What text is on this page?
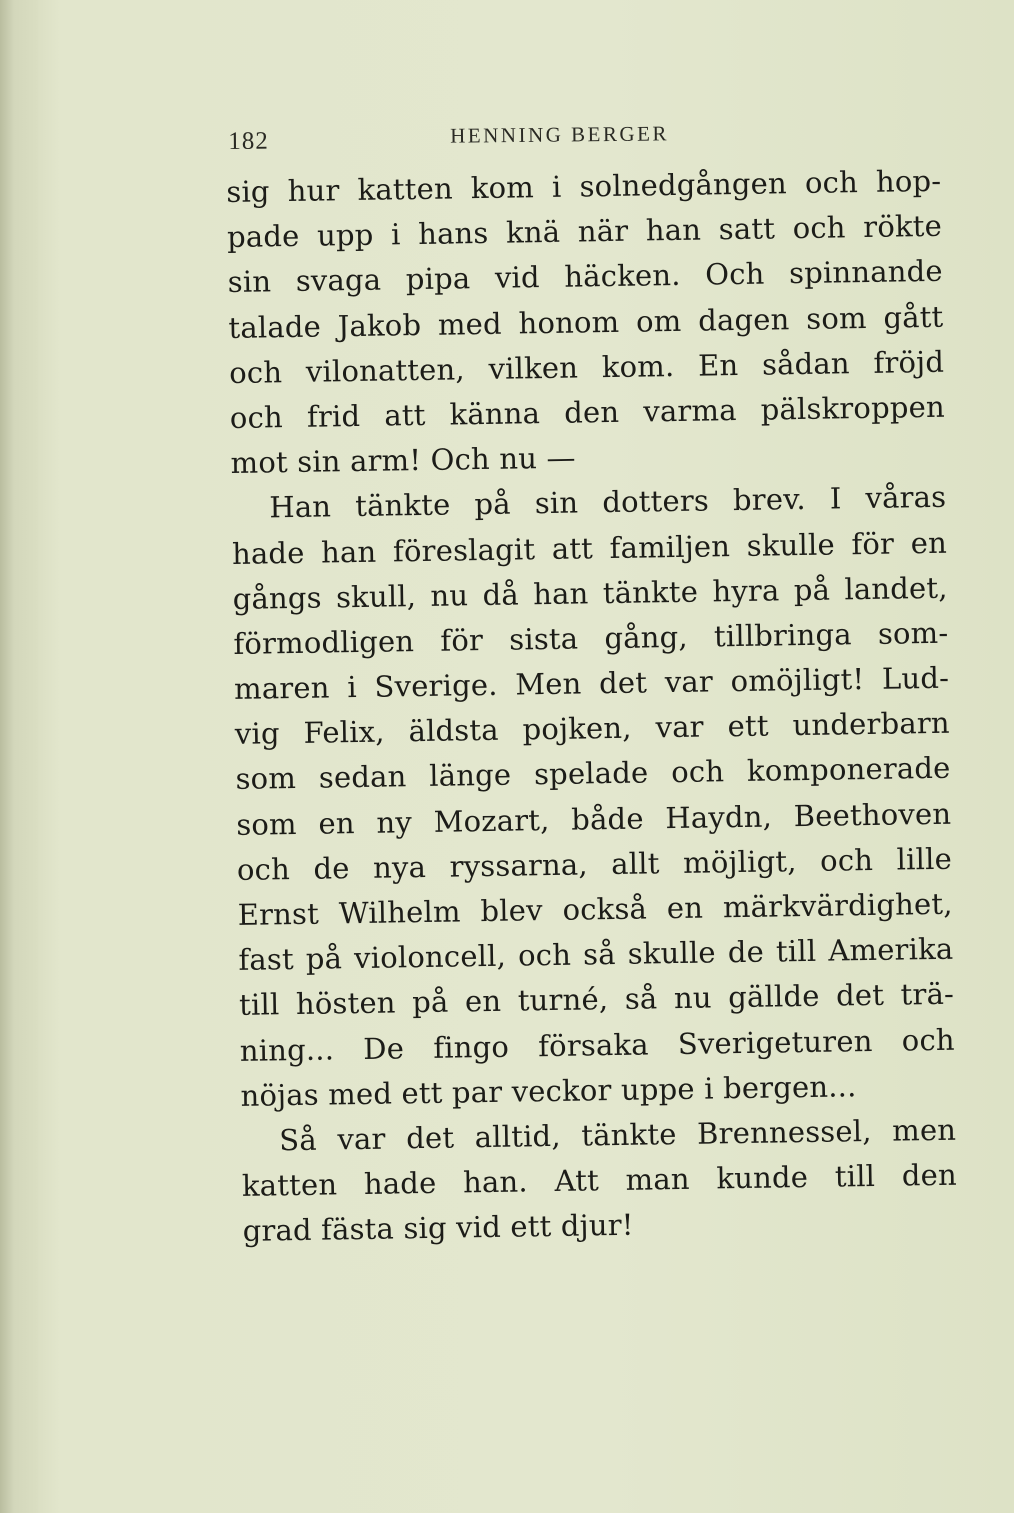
182	HENNING BERGER
sig hur katten kom i solnedgången och hop-
pade upp i hans knä när han satt och rökte
sin svaga pipa vid häcken. Och spinnande
talade Jakob med honom om dagen som gått
och vilonatten, vilken kom. En sådan fröjd
och frid att känna den varma pälskroppen
mot sin arm! Och nu —
Han tänkte på sin dotters brev. I våras
hade han föreslagit att familjen skulle för en
gångs skull, nu då han tänkte hyra på landet,
förmodligen för sista gång, tillbringa som-
maren i Sverige. Men det var omöjligt! Lud-
vig Felix, äldsta pojken, var ett underbarn
som sedan länge spelade och komponerade
som en ny Mozart, både Haydn, Beethoven
och de nya ryssarna, allt möjligt, och lille
Ernst Wilhelm blev också en märkvärdighet,
fast på violoncell, och så skulle de till Amerika
till hösten på en turné, så nu gällde det trä-
ning... De fingo försaka Sverigeturen och
nöjas med ett par veckor uppe i bergen...
Så var det alltid, tänkte Brennessel, men
katten hade han. Att man kunde till den
grad fästa sig vid ett djur!
